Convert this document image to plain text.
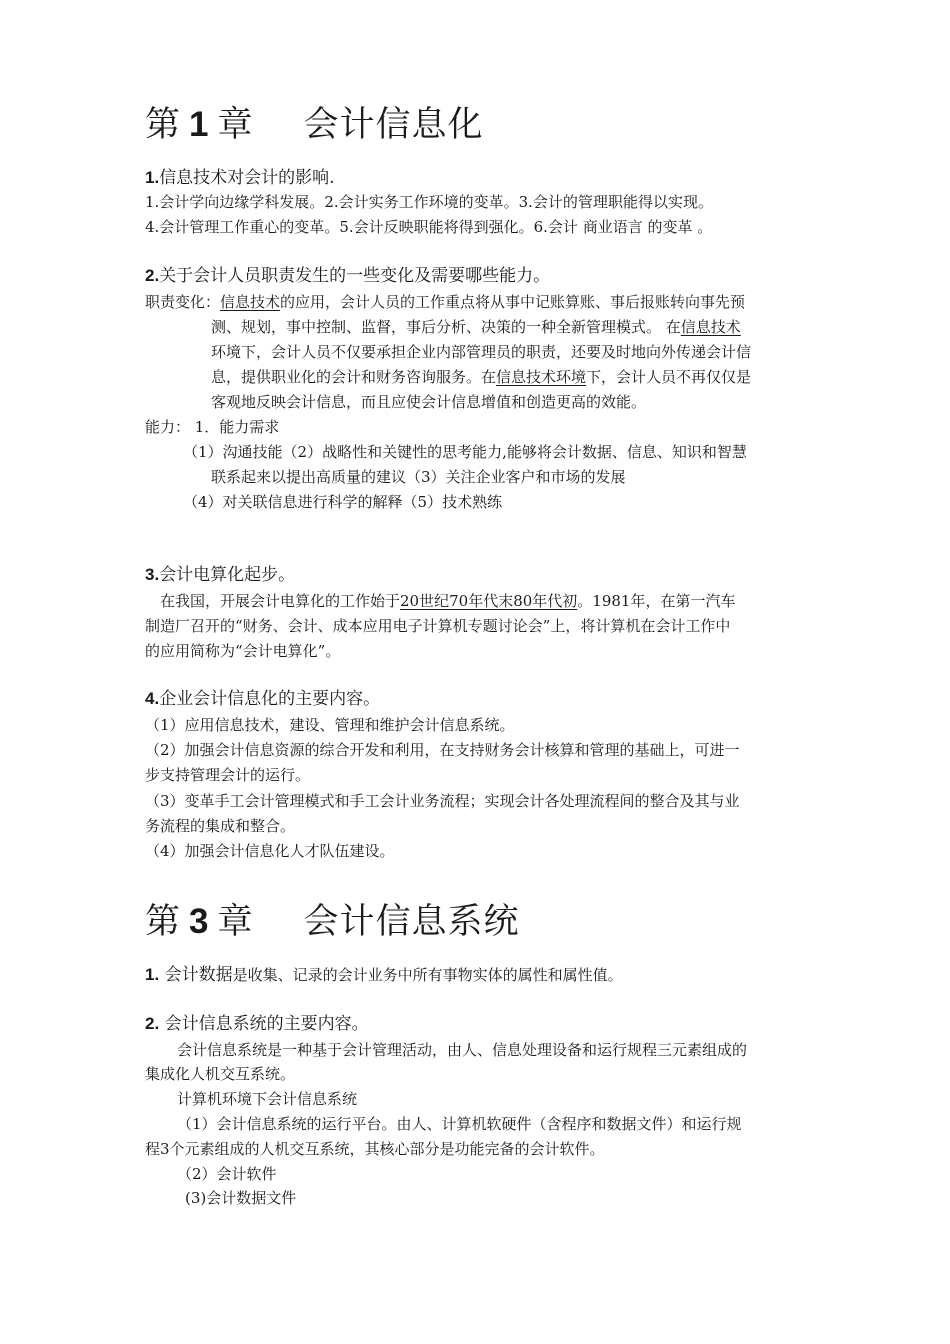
第 1 章 会计信息化
1.信息技术对会计的影响.
1.会计学向边缘学科发展。2.会计实务工作环境的变革。3.会计的管理职能得以实现。
4.会计管理工作重心的变革。5.会计反映职能将得到强化。6.会计 商业语言 的变革 。
2.关于会计人员职责发生的一些变化及需要哪些能力。
职责变化：信息技术的应用，会计人员的工作重点将从事中记账算账、事后报账转向事先预
测、规划，事中控制、监督，事后分析、决策的一种全新管理模式。 在信息技术
环境下，会计人员不仅要承担企业内部管理员的职责，还要及时地向外传递会计信
息，提供职业化的会计和财务咨询服务。在信息技术环境下，会计人员不再仅仅是
客观地反映会计信息，而且应使会计信息增值和创造更高的效能。
能力： 1．能力需求
（1）沟通技能（2）战略性和关键性的思考能力,能够将会计数据、信息、知识和智慧
联系起来以提出高质量的建议（3）关注企业客户和市场的发展
（4）对关联信息进行科学的解释（5）技术熟练
3.会计电算化起步。
在我国，开展会计电算化的工作始于20世纪70年代末80年代初。1981年，在第一汽车
制造厂召开的“财务、会计、成本应用电子计算机专题讨论会”上，将计算机在会计工作中
的应用简称为“会计电算化”。
4.企业会计信息化的主要内容。
（1）应用信息技术，建设、管理和维护会计信息系统。
（2）加强会计信息资源的综合开发和利用，在支持财务会计核算和管理的基础上，可进一
步支持管理会计的运行。
（3）变革手工会计管理模式和手工会计业务流程；实现会计各处理流程间的整合及其与业
务流程的集成和整合。
（4）加强会计信息化人才队伍建设。
第 3 章 会计信息系统
1. 会计数据是收集、记录的会计业务中所有事物实体的属性和属性值。
2. 会计信息系统的主要内容。
会计信息系统是一种基于会计管理活动，由人、信息处理设备和运行规程三元素组成的
集成化人机交互系统。
计算机环境下会计信息系统
（1）会计信息系统的运行平台。由人、计算机软硬件（含程序和数据文件）和运行规
程3个元素组成的人机交互系统，其核心部分是功能完备的会计软件。
（2）会计软件
(3)会计数据文件
